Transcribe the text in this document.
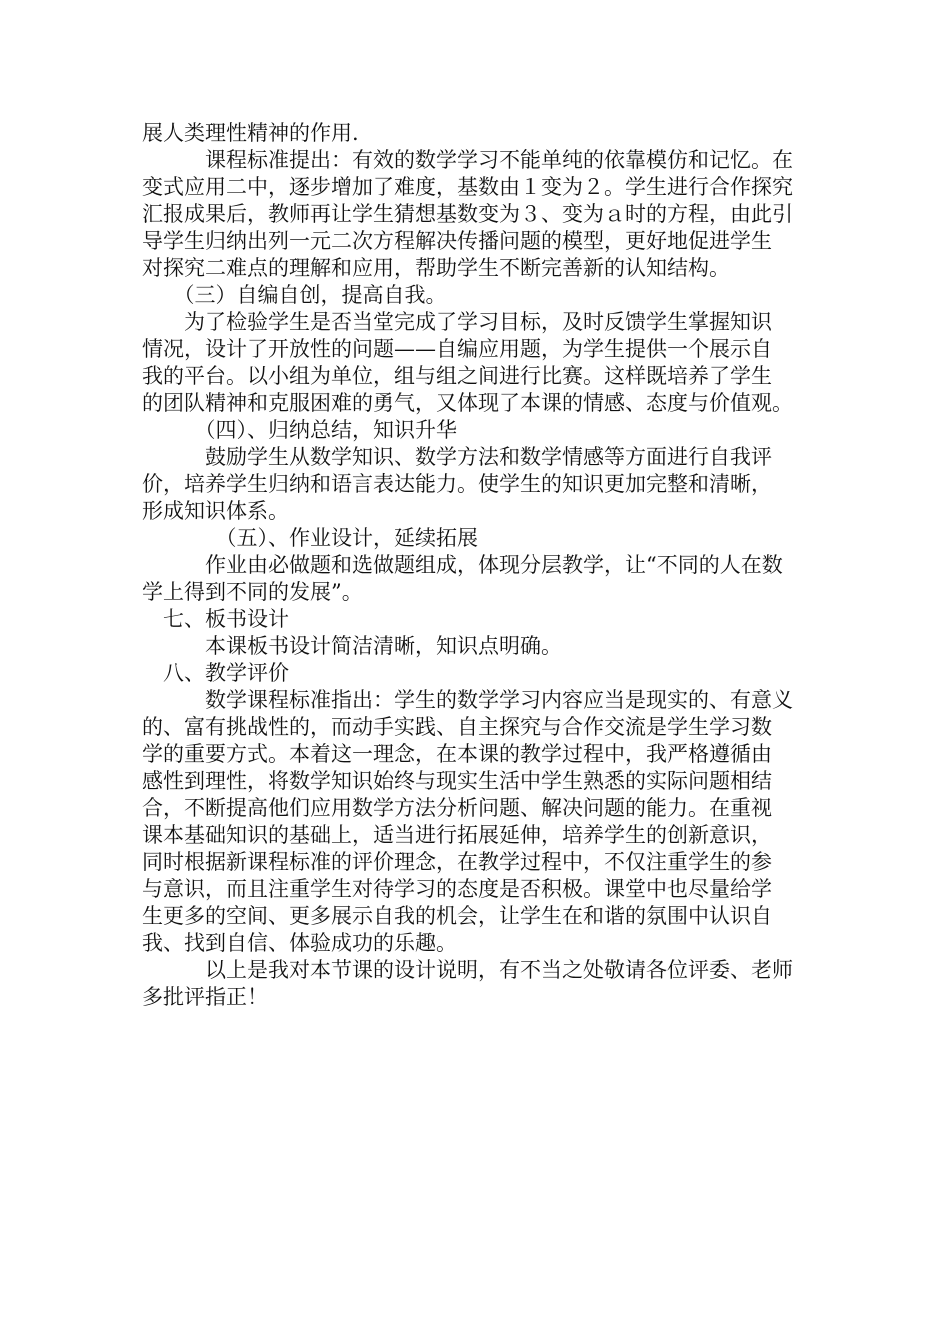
展人类理性精神的作用.
　　　课程标准提出：有效的数学学习不能单纯的依靠模仿和记忆。在
变式应用二中，逐步增加了难度，基数由１变为２。学生进行合作探究
汇报成果后，教师再让学生猜想基数变为３、变为ａ时的方程，由此引
导学生归纳出列一元二次方程解决传播问题的模型，更好地促进学生
对探究二难点的理解和应用，帮助学生不断完善新的认知结构。
　　（三）自编自创，提高自我。
　　为了检验学生是否当堂完成了学习目标，及时反馈学生掌握知识
情况，设计了开放性的问题——自编应用题，为学生提供一个展示自
我的平台。以小组为单位，组与组之间进行比赛。这样既培养了学生
的团队精神和克服困难的勇气，又体现了本课的情感、态度与价值观。
　　　（四）、归纳总结，知识升华
　　　鼓励学生从数学知识、数学方法和数学情感等方面进行自我评
价，培养学生归纳和语言表达能力。使学生的知识更加完整和清晰，
形成知识体系。
　　　　（五）、作业设计，延续拓展
　　　作业由必做题和选做题组成，体现分层教学，让“不同的人在数
学上得到不同的发展”。
　七、板书设计
　　　本课板书设计简洁清晰，知识点明确。
　八、教学评价
　　　数学课程标准指出：学生的数学学习内容应当是现实的、有意义
的、富有挑战性的，而动手实践、自主探究与合作交流是学生学习数
学的重要方式。本着这一理念，在本课的教学过程中，我严格遵循由
感性到理性，将数学知识始终与现实生活中学生熟悉的实际问题相结
合，不断提高他们应用数学方法分析问题、解决问题的能力。在重视
课本基础知识的基础上，适当进行拓展延伸，培养学生的创新意识，
同时根据新课程标准的评价理念，在教学过程中，不仅注重学生的参
与意识，而且注重学生对待学习的态度是否积极。课堂中也尽量给学
生更多的空间、更多展示自我的机会，让学生在和谐的氛围中认识自
我、找到自信、体验成功的乐趣。
　　　以上是我对本节课的设计说明，有不当之处敬请各位评委、老师
多批评指正！
